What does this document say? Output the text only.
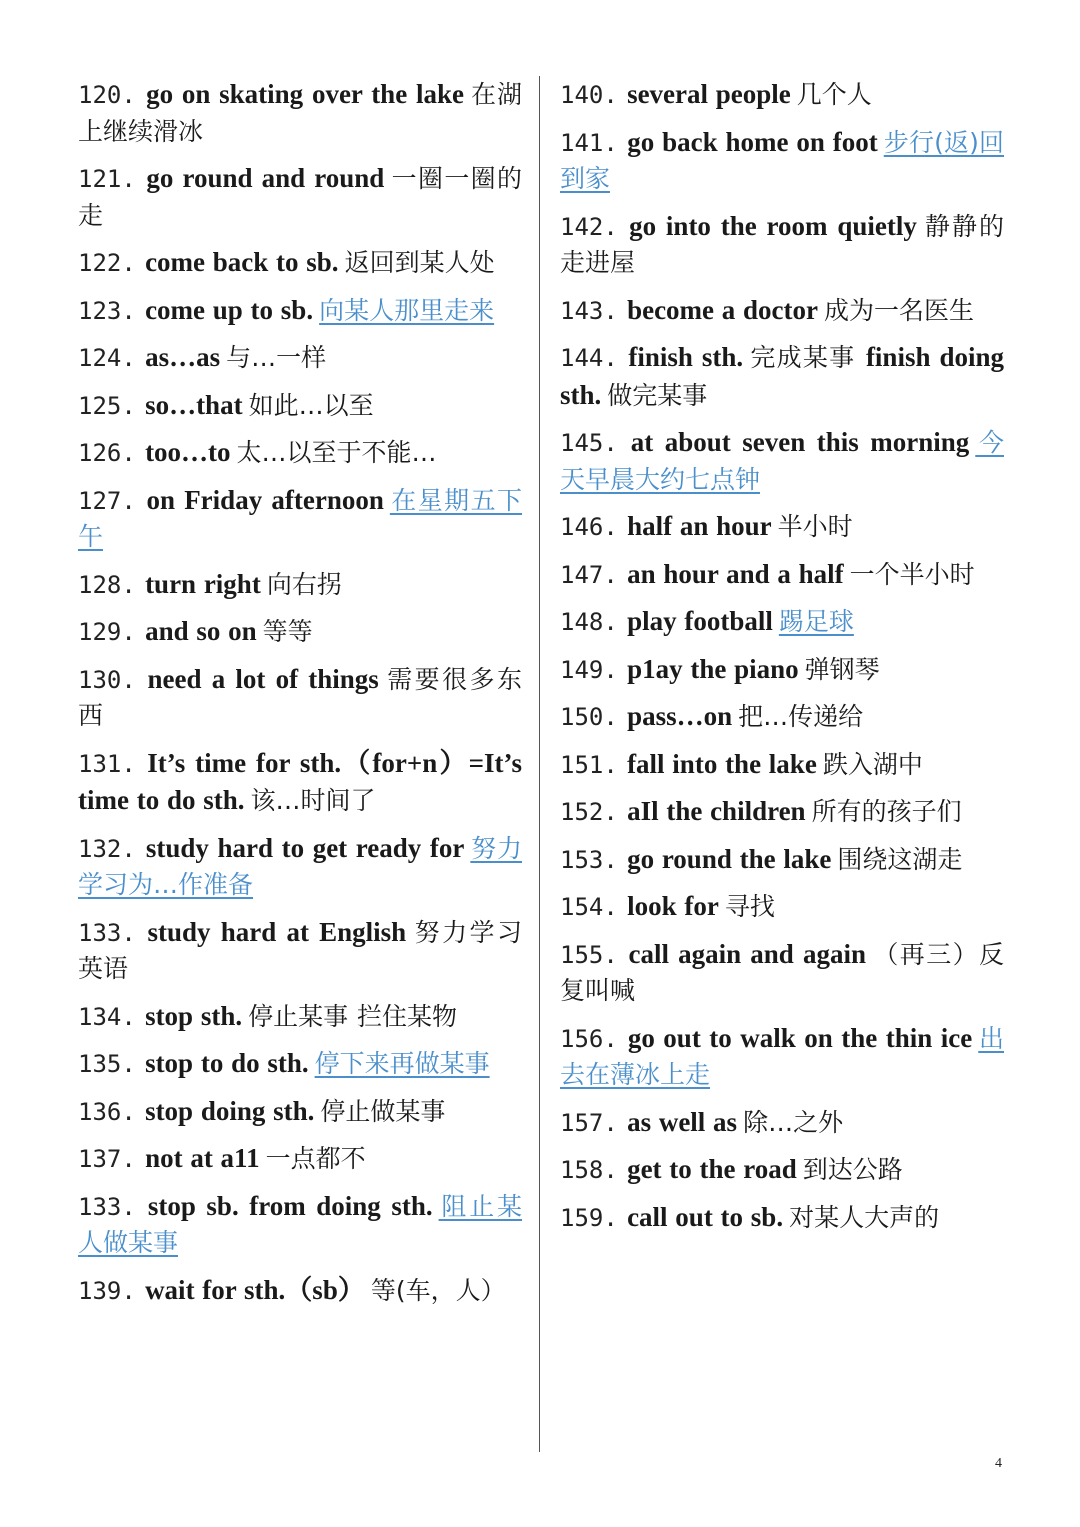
120. go on skating over the lake 在湖上继续滑冰
121. go round and round 一圈一圈的走
122. come back to sb. 返回到某人处
123. come up to sb. 向某人那里走来
124. as…as 与…一样
125. so…that 如此…以至
126. too…to 太…以至于不能…
127. on Friday afternoon 在星期五下午
128. turn right 向右拐
129. and so on 等等
130. need a lot of things 需要很多东西
131. It’s time for sth.（for+n）=It’s time to do sth. 该…时间了
132. study hard to get ready for 努力学习为…作准备
133. study hard at English 努力学习英语
134. stop sth. 停止某事 拦住某物
135. stop to do sth. 停下来再做某事
136. stop doing sth. 停止做某事
137. not at a11 一点都不
133. stop sb. from doing sth. 阻止某人做某事
139. wait for sth.（sb） 等(车，人）
140. several people 几个人
141. go back home on foot 步行(返)回到家
142. go into the room quietly 静静的走进屋
143. become a doctor 成为一名医生
144. finish sth. 完成某事 finish doing sth. 做完某事
145. at about seven this morning 今天早晨大约七点钟
146. half an hour 半小时
147. an hour and a half 一个半小时
148. play football 踢足球
149. p1ay the piano 弹钢琴
150. pass…on 把…传递给
151. fall into the lake 跌入湖中
152. aIl the children 所有的孩子们
153. go round the lake 围绕这湖走
154. look for 寻找
155. call again and again （再三）反复叫喊
156. go out to walk on the thin ice 出去在薄冰上走
157. as well as 除…之外
158. get to the road 到达公路
159. call out to sb. 对某人大声的
4
